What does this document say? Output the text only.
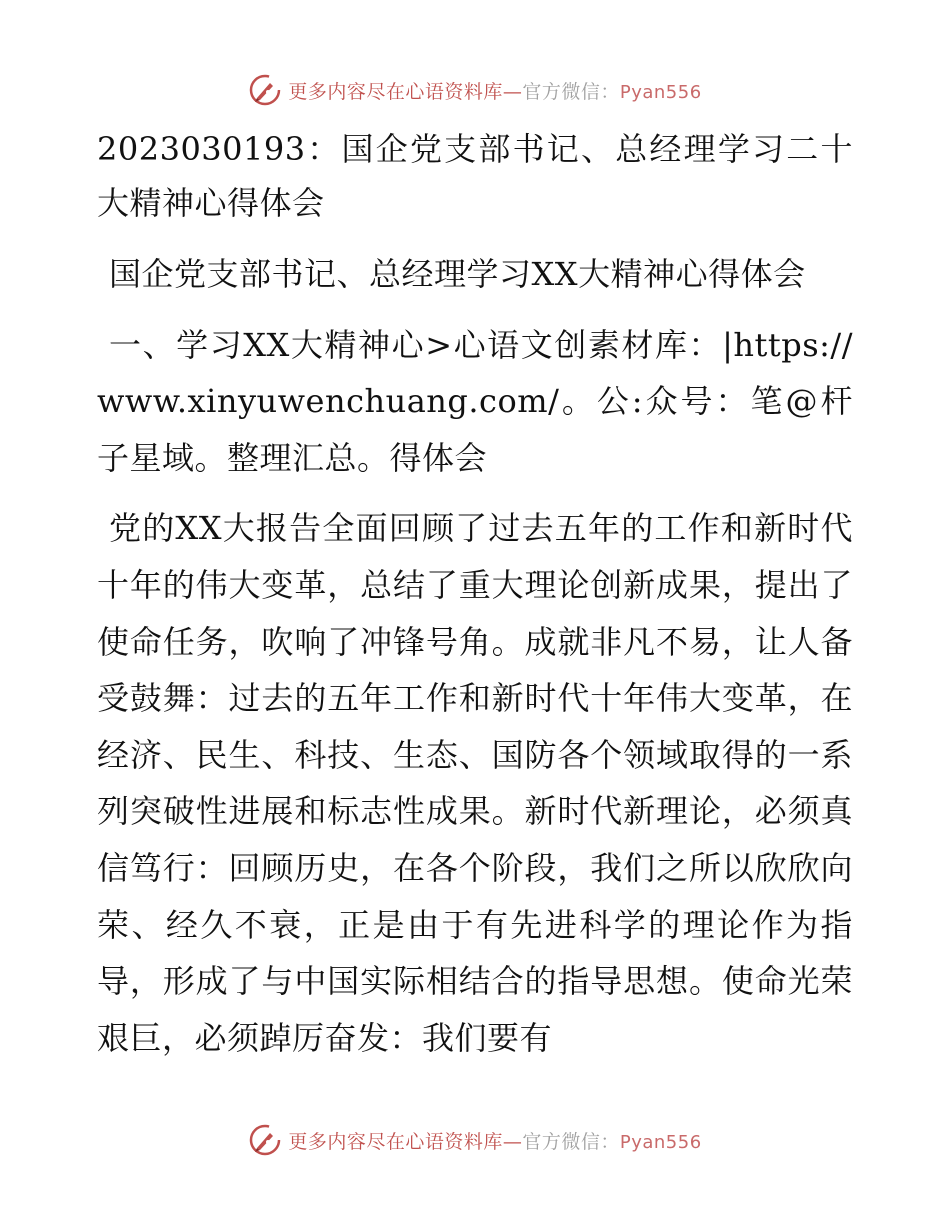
更多内容尽在心语资料库—官方微信：Pyan556

2023030193：国企党支部书记、总经理学习二十大精神心得体会

国企党支部书记、总经理学习XX大精神心得体会

一、学习XX大精神心>心语文创素材库：|https://www.xinyuwenchuang.com/。公:众号：笔@杆子星域。整理汇总。得体会

党的XX大报告全面回顾了过去五年的工作和新时代十年的伟大变革，总结了重大理论创新成果，提出了使命任务，吹响了冲锋号角。成就非凡不易，让人备受鼓舞：过去的五年工作和新时代十年伟大变革，在经济、民生、科技、生态、国防各个领域取得的一系列突破性进展和标志性成果。新时代新理论，必须真信笃行：回顾历史，在各个阶段，我们之所以欣欣向荣、经久不衰，正是由于有先进科学的理论作为指导，形成了与中国实际相结合的指导思想。使命光荣艰巨，必须踔厉奋发：我们要有

更多内容尽在心语资料库—官方微信：Pyan556
